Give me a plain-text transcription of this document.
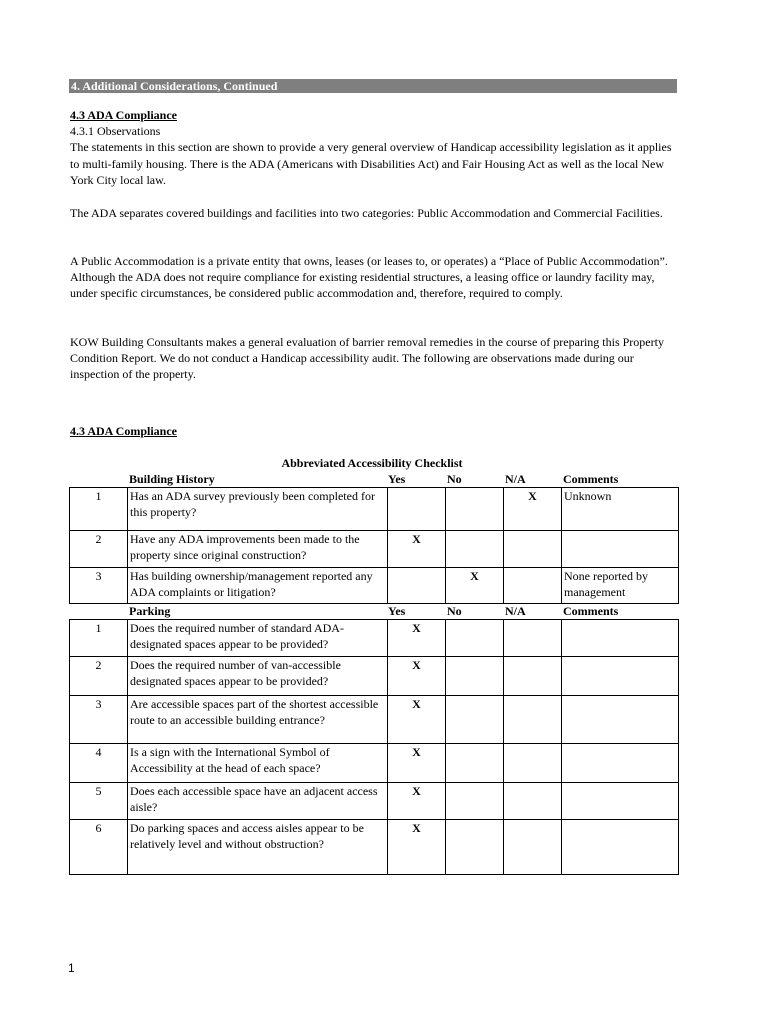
4. Additional Considerations, Continued
4.3 ADA Compliance
4.3.1 Observations

The statements in this section are shown to provide a very general overview of Handicap accessibility legislation as it applies to multi-family housing. There is the ADA (Americans with Disabilities Act) and Fair Housing Act as well as the local New York City local law.

The ADA separates covered buildings and facilities into two categories: Public Accommodation and Commercial Facilities.

A Public Accommodation is a private entity that owns, leases (or leases to, or operates) a “Place of Public Accommodation”. Although the ADA does not require compliance for existing residential structures, a leasing office or laundry facility may, under specific circumstances, be considered public accommodation and, therefore, required to comply.

KOW Building Consultants makes a general evaluation of barrier removal remedies in the course of preparing this Property Condition Report. We do not conduct a Handicap accessibility audit. The following are observations made during our inspection of the property.

4.3 ADA Compliance
Abbreviated Accessibility Checklist
Building History	Yes	No	N/A	Comments
1	Has an ADA survey previously been completed for this property?			X	Unknown
2	Have any ADA improvements been made to the property since original construction?	X			
3	Has building ownership/management reported any ADA complaints or litigation?		X		None reported by management
Parking	Yes	No	N/A	Comments
1	Does the required number of standard ADA-designated spaces appear to be provided?	X			
2	Does the required number of van-accessible designated spaces appear to be provided?	X			
3	Are accessible spaces part of the shortest accessible route to an accessible building entrance?	X			
4	Is a sign with the International Symbol of Accessibility at the head of each space?	X			
5	Does each accessible space have an adjacent access aisle?	X			
6	Do parking spaces and access aisles appear to be relatively level and without obstruction?	X			
1
